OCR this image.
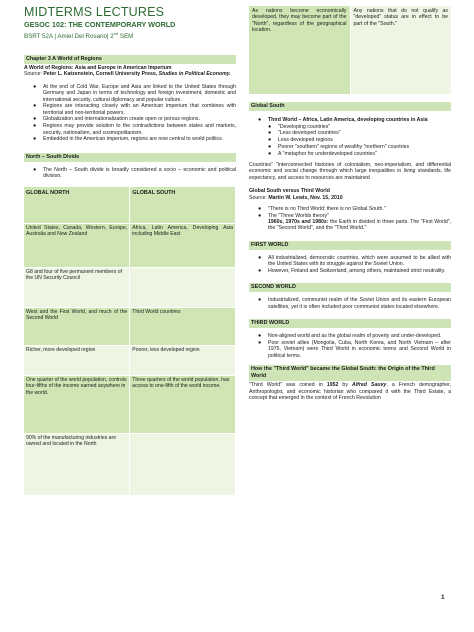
MIDTERMS LECTURES
GESOC 102: THE CONTEMPORARY WORLD
BSRT 52A | Amiel Del Rosario| 2nd SEM
Chapter 3 A World of Regions

A World of Regions: Asia and Europe in American Imperium

Source: Peter L. Katzenstein, Cornell University Press, Studies in Political Economy.

● At the end of Cold War, Europe and Asia are linked to the United States through Germany and Japan in terms of technology and foreign investment, domestic and international security, cultural diplomacy and popular culture.
● Regions are interacting closely with an American imperium that combines with territorial and non-territorial powers.
● Globalization and internationalization create open or porous regions.
● Regions may provide solution to the contradictions between states and markets, security, nationalism, and cosmopolitanism.
● Embedded in the American imperium, regions are now central to world politics.
North – South Divide
● The North – South divide is broadly considered a socio – economic and political division.
GLOBAL NORTH	GLOBAL SOUTH
United States, Canada, Western, Europe, Australia and New Zealand	Africa, Latin America, Developing Asia including Middle East
G8 and four of five permanent members of the UN Security Council	
West and the First World, and much of the Second World	Third World countries
Richer, more developed region	Poorer, less developed region
One quarter of the world population, controls four-fifths of the income earned anywhere in the world.	Three quarters of the world population, has access to one-fifth of the world income.
90% of the manufacturing industries are owned and located in the North	
As nations become economically developed, they may become part of the "North", regardless of the geographical location.	Any nations that do not qualify as "developed" status are in effect to be part of the "South."
Global South
● Third World – Africa, Latin America, developing countries in Asia
● "Developing countries"
● "Less developed countries"
● Less developed regions
● Poorer "southern" regions of wealthy "northern" countries
● A "metaphor for underdeveloped countries"

Countries" "interconnected histories of colonialism, neo-imperialism, and differential economic and social change through which large inequalities in living standards, life expectancy, and access to resources are maintained

Global South versus Third World

Source: Martin W. Lewis, Nov. 15, 2010

● "There is no Third World; there is no Global South."
● The "Three Worlds theory"
1960s, 1970s and 1980s: the Earth in divided in three parts. The "First World", the "Second World", and the "Third World."
FIRST WORLD
● All industrialized, democratic countries, which were assumed to be allied with the United States with its struggle against the Soviet Union.
● However, Finland and Switzerland, among others, maintained strict neutrality.
SECOND WORLD
● Industrialized, communist realm of the Soviet Union and its eastern European satellites, yet it is often included poor communist states located elsewhere.
THIRD WORLD
● Non-aligned world and as the global realm of poverty and under-developed.
● Poor soviet allies (Mongolia, Cuba, North Korea, and North Vietnam – after 1975, Vietnam) were Third World in economic terms and Second World in political terms.
How the "Third World" became the Global South: the Origin of the Third World

"Third World" was coined in 1952 by Alfred Sauvy, a French demographer, Anthropologist, and economic historian who compared it with the Third Estate, a concept that emerged in the context of French Revolution

1
